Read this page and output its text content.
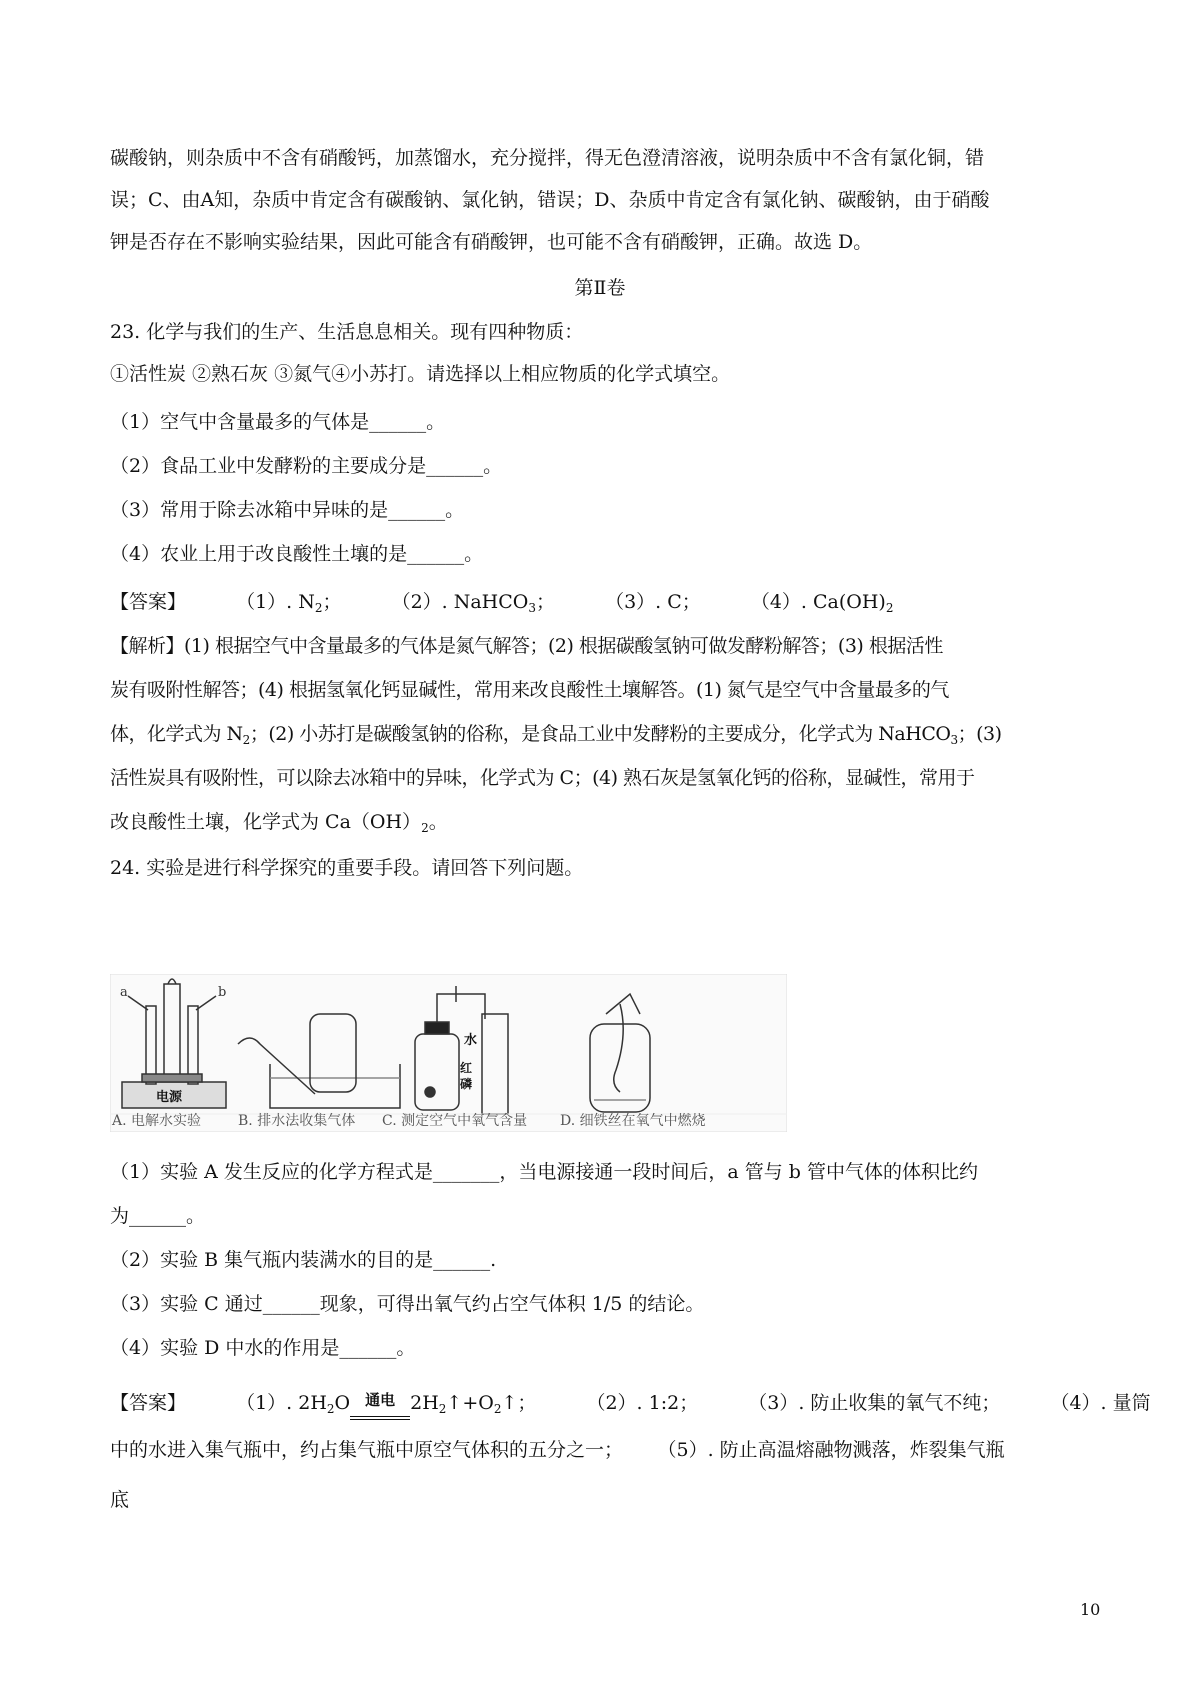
碳酸钠，则杂质中不含有硝酸钙，加蒸馏水，充分搅拌，得无色澄清溶液，说明杂质中不含有氯化铜，错
误；C、由A知，杂质中肯定含有碳酸钠、氯化钠，错误；D、杂质中肯定含有氯化钠、碳酸钠，由于硝酸
钾是否存在不影响实验结果，因此可能含有硝酸钾，也可能不含有硝酸钾，正确。故选 D。
第Ⅱ卷
23. 化学与我们的生产、生活息息相关。现有四种物质：
①活性炭 ②熟石灰 ③氮气④小苏打。请选择以上相应物质的化学式填空。
（1）空气中含量最多的气体是______。
（2）食品工业中发酵粉的主要成分是______。
（3）常用于除去冰箱中异味的是______。
（4）农业上用于改良酸性土壤的是______。
【答案】	（1）. $N_2$；	（2）. NaHCO$_3$；	（3）. C；	（4）. $Ca(OH)_2$
【解析】(1) 根据空气中含量最多的气体是氮气解答；(2) 根据碳酸氢钠可做发酵粉解答；(3) 根据活性
炭有吸附性解答；(4) 根据氢氧化钙显碱性，常用来改良酸性土壤解答。(1) 氮气是空气中含量最多的气
体，化学式为 $N_2$；(2) 小苏打是碳酸氢钠的俗称，是食品工业中发酵粉的主要成分，化学式为 NaHCO$_3$；(3)
活性炭具有吸附性，可以除去冰箱中的异味，化学式为 C；(4) 熟石灰是氢氧化钙的俗称，显碱性，常用于
改良酸性土壤，化学式为 $Ca(OH)_2$。
24. 实验是进行科学探究的重要手段。请回答下列问题。
a	b
电源
水
红
磷
A. 电解水实验	B. 排水法收集气体 C. 测定空气中氧气含量 D. 细铁丝在氧气中燃烧
（1）实验 A 发生反应的化学方程式是_______，当电源接通一段时间后，a 管与 b 管中气体的体积比约
为______。
（2）实验 B 集气瓶内装满水的目的是______.
（3）实验 C 通过______现象，可得出氧气约占空气体积 1/5 的结论。
（4）实验 D 中水的作用是______。
【答案】	（1）. $2H_2O$ 通电 $2H_2↑+O_2↑$；	（2）. 1:2；	（3）. 防止收集的氧气不纯；	（4）. 量筒
中的水进入集气瓶中，约占集气瓶中原空气体积的五分之一； （5）. 防止高温熔融物溅落，炸裂集气瓶
底
10
